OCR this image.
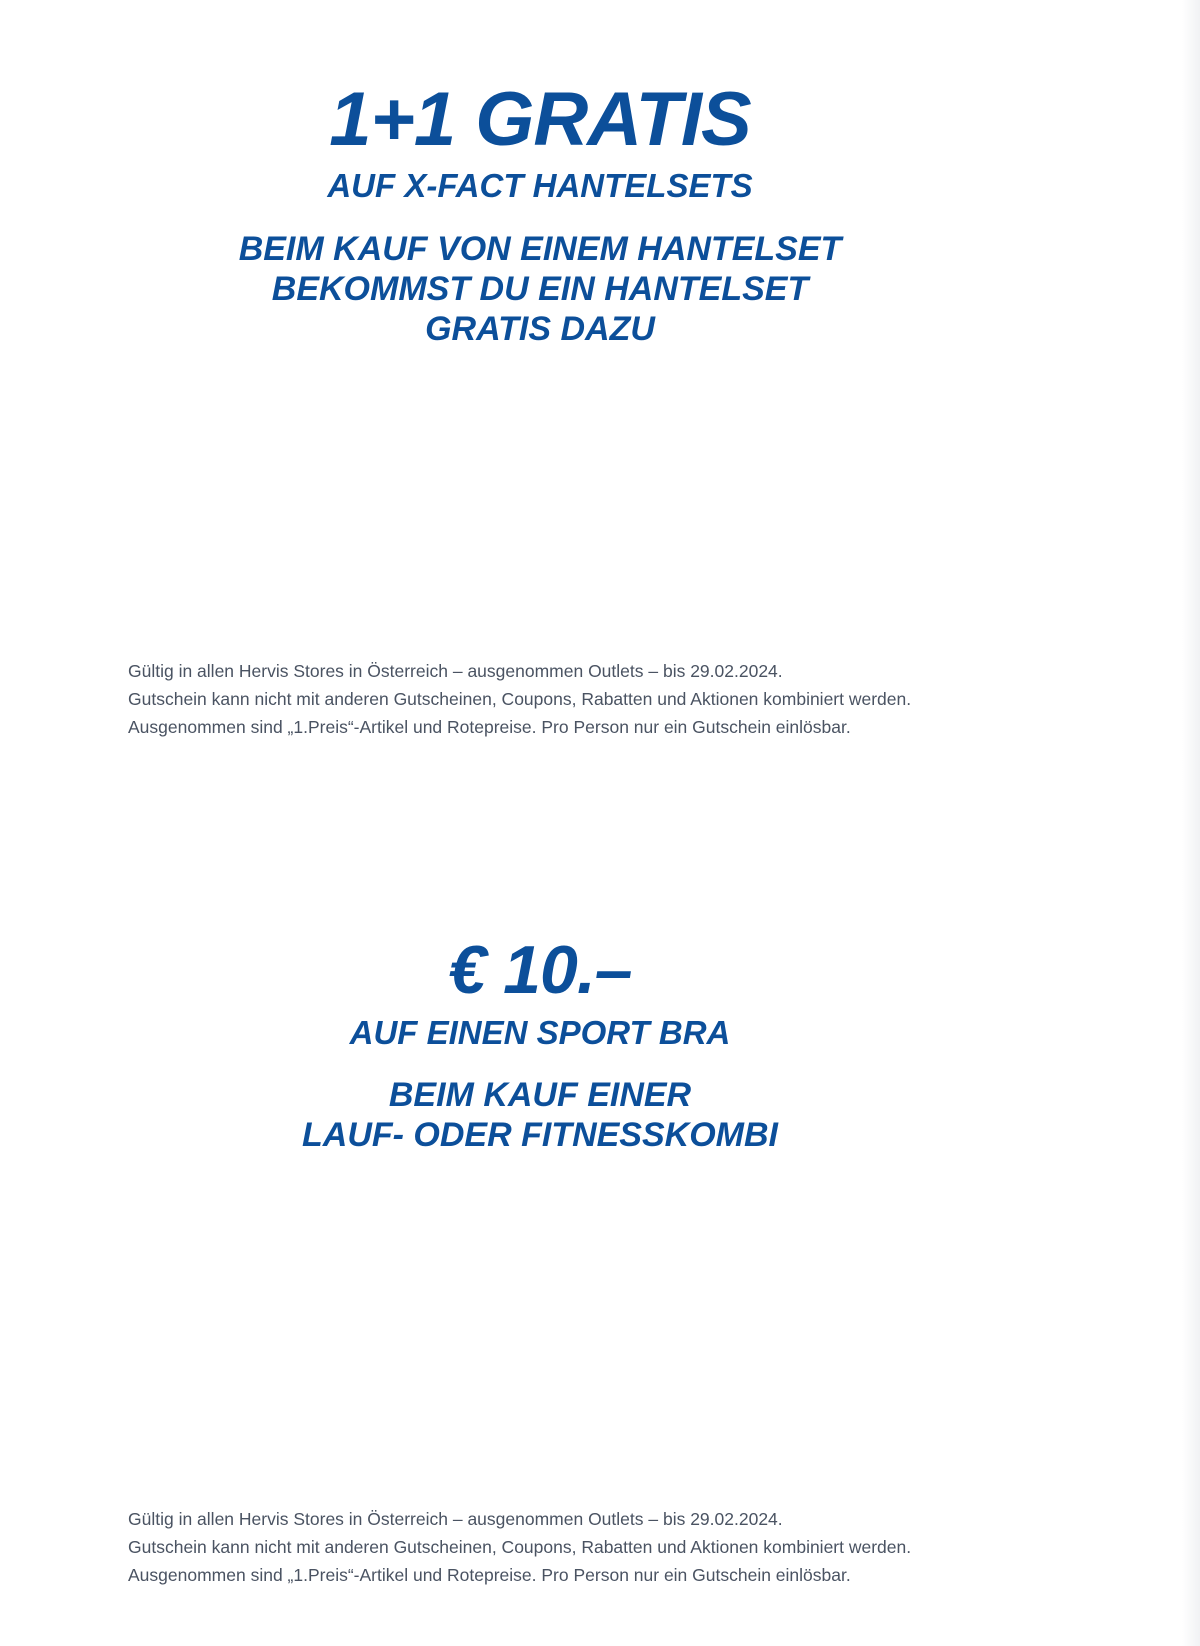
1+1 GRATIS
AUF X-FACT HANTELSETS

BEIM KAUF VON EINEM HANTELSET
BEKOMMST DU EIN HANTELSET
GRATIS DAZU

Gültig in allen Hervis Stores in Österreich – ausgenommen Outlets – bis 29.02.2024.
Gutschein kann nicht mit anderen Gutscheinen, Coupons, Rabatten und Aktionen kombiniert werden.
Ausgenommen sind „1.Preis“-Artikel und Rotepreise. Pro Person nur ein Gutschein einlösbar.

€ 10.–
AUF EINEN SPORT BRA

BEIM KAUF EINER
LAUF- ODER FITNESSKOMBI

Gültig in allen Hervis Stores in Österreich – ausgenommen Outlets – bis 29.02.2024.
Gutschein kann nicht mit anderen Gutscheinen, Coupons, Rabatten und Aktionen kombiniert werden.
Ausgenommen sind „1.Preis“-Artikel und Rotepreise. Pro Person nur ein Gutschein einlösbar.
